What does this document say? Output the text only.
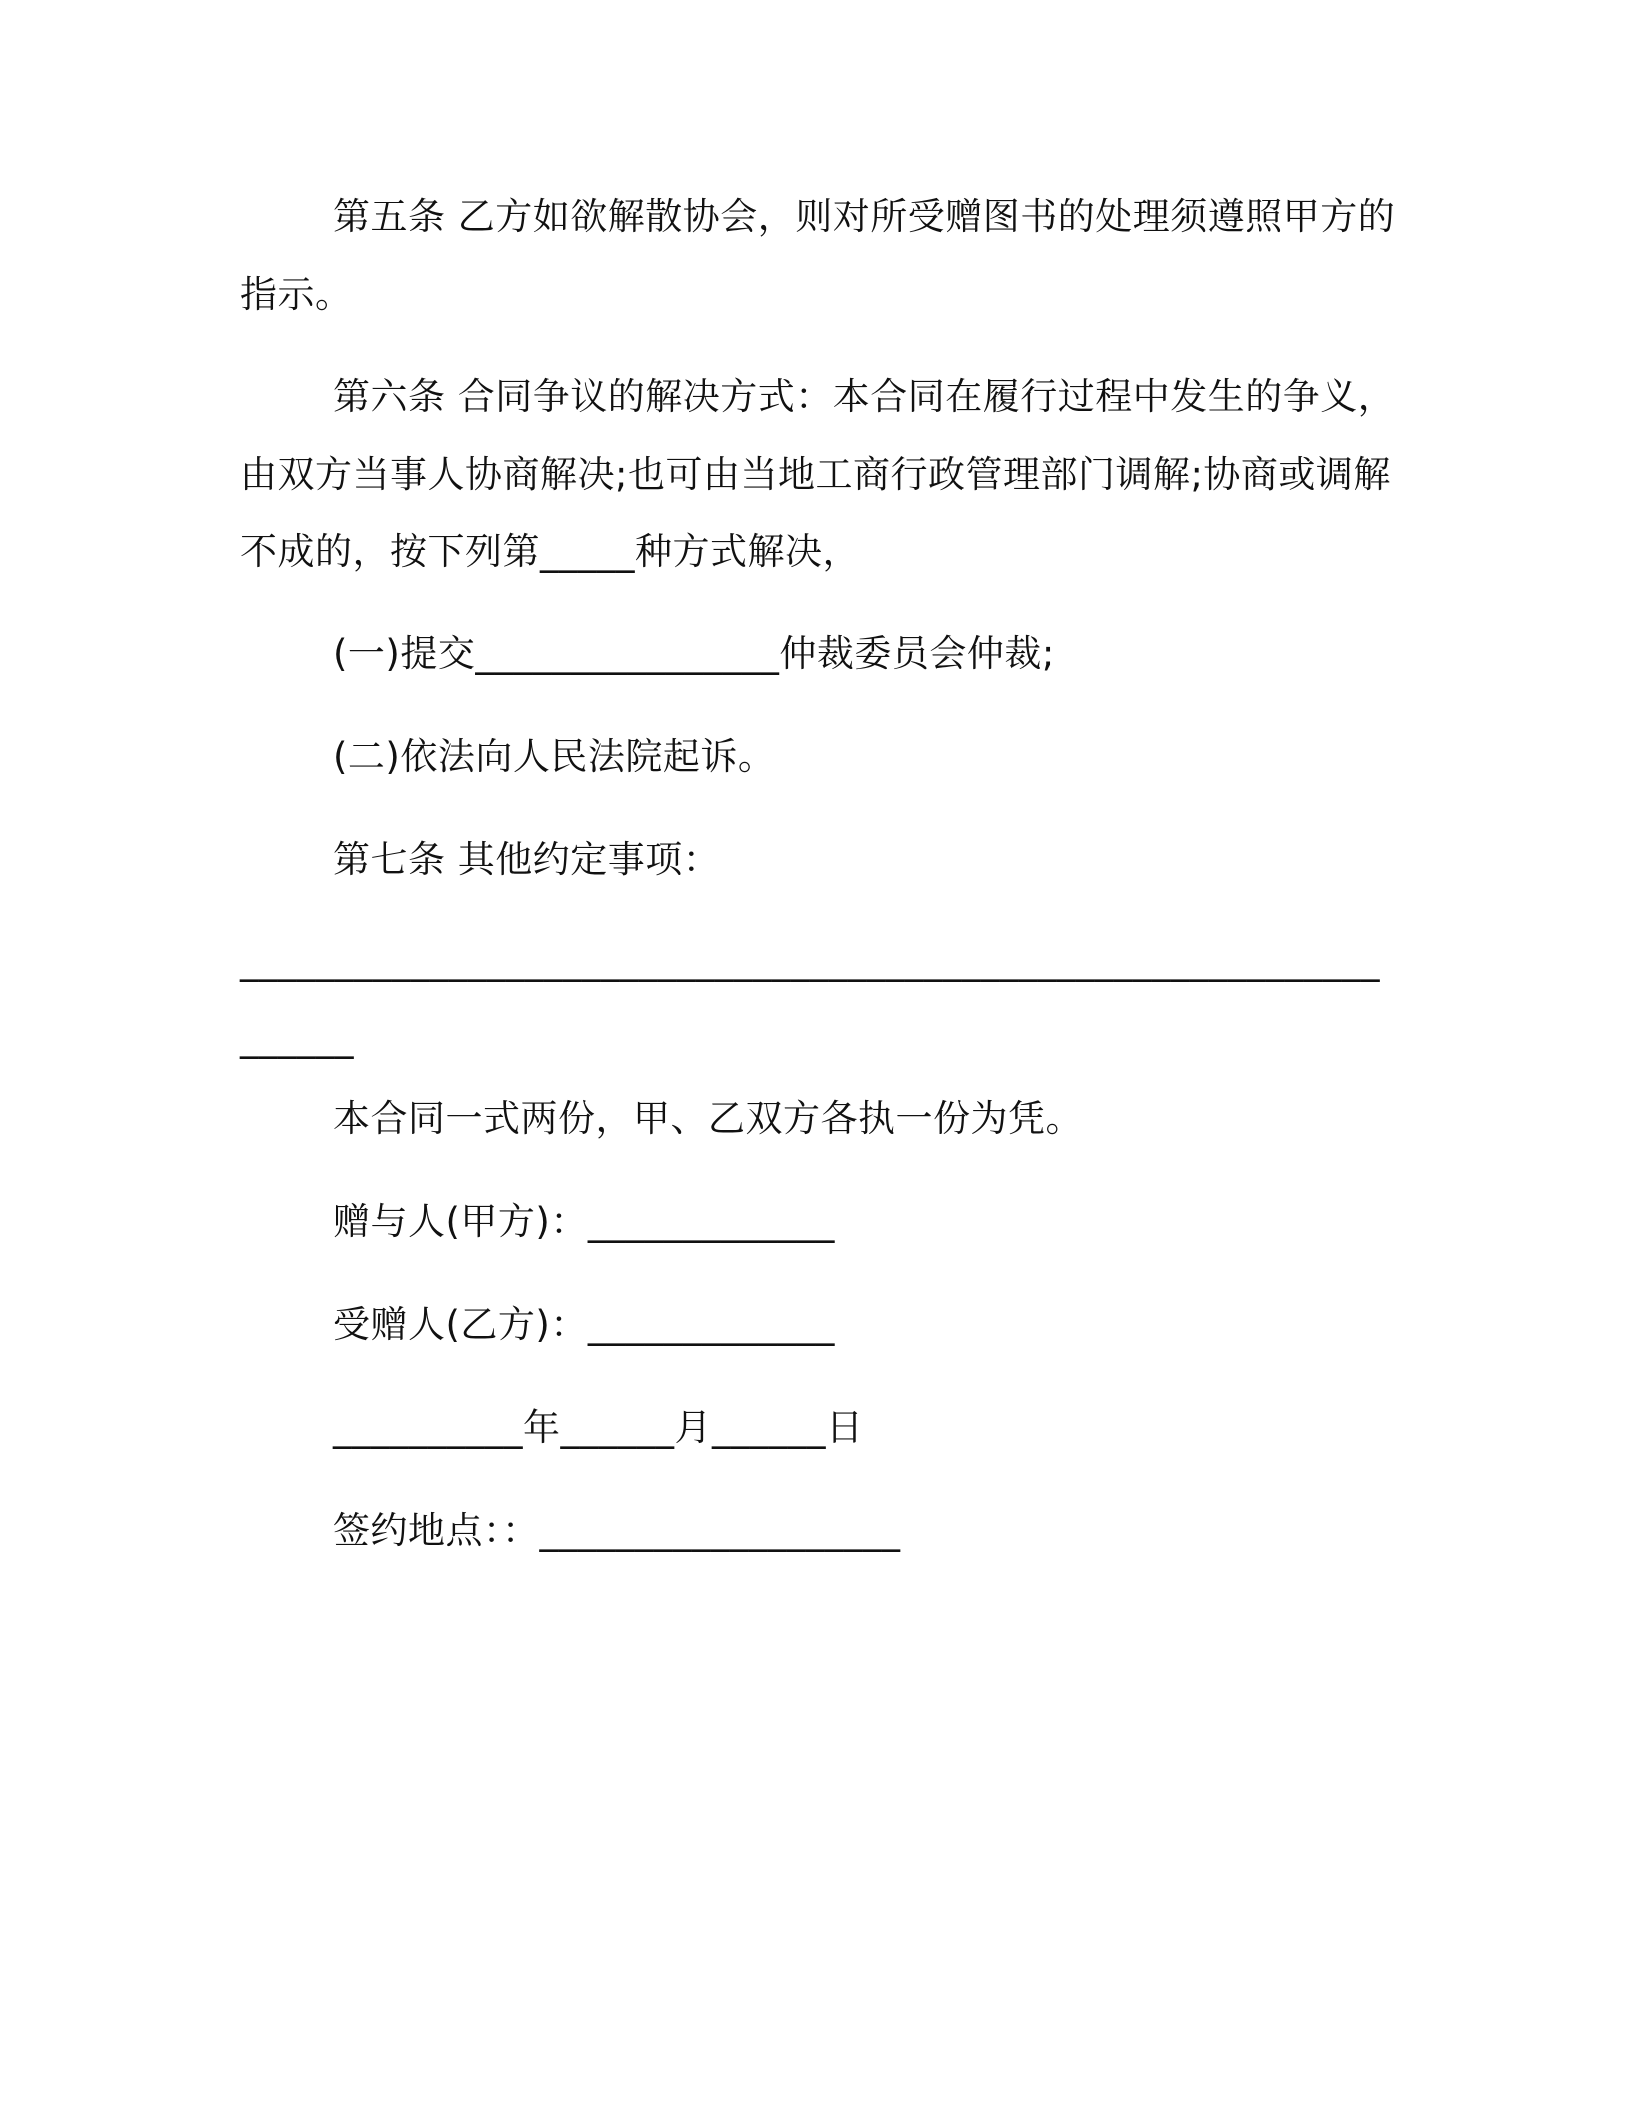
第五条 乙方如欲解散协会，则对所受赠图书的处理须遵照甲方的
指示。
第六条 合同争议的解决方式：本合同在履行过程中发生的争义，
由双方当事人协商解决;也可由当地工商行政管理部门调解;协商或调解
不成的，按下列第_____种方式解决，
(一)提交________________仲裁委员会仲裁;
(二)依法向人民法院起诉。
第七条 其他约定事项：
____________________________________________________________
______
本合同一式两份，甲、乙双方各执一份为凭。
赠与人(甲方)：_____________
受赠人(乙方)：_____________
__________年______月______日
签约地点：：___________________
